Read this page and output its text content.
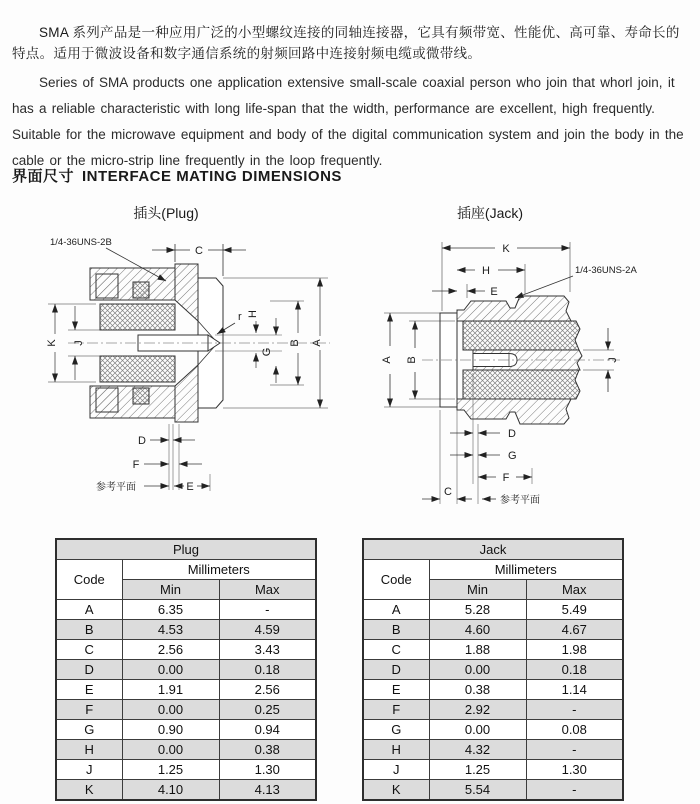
SMA 系列产品是一种应用广泛的小型螺纹连接的同轴连接器，它具有频带宽、性能优、高可靠、寿命长的特点。适用于微波设备和数字通信系统的射频回路中连接射频电缆或微带线。

Series of SMA products one application extensive small-scale coaxial person who join that whorl join, it has a reliable characteristic with long life-span that the width, performance are excellent, high frequently. Suitable for the microwave equipment and body of the digital communication system and join the body in the cable or the micro-strip line frequently in the loop frequently.

界面尺寸 INTERFACE MATING DIMENSIONS
插头(Plug)	插座(Jack)
C
1/4-36UNS-2B
K J	A
B
G
H
r
D
F
参考平面	E
1/4-36UNS-2A
K
H
E
A B	J
D
G
F
C
参考平面
Plug		
Code	Millimeters	
	Min	Max
A	6.35	-
B	4.53	4.59
C	2.56	3.43
D	0.00	0.18
E	1.91	2.56
F	0.00	0.25
G	0.90	0.94
H	0.00	0.38
J	1.25	1.30
K	4.10	4.13
Jack		
Code	Millimeters	
	Min	Max
A	5.28	5.49
B	4.60	4.67
C	1.88	1.98
D	0.00	0.18
E	0.38	1.14
F	2.92	-
G	0.00	0.08
H	4.32	-
J	1.25	1.30
K	5.54	-
